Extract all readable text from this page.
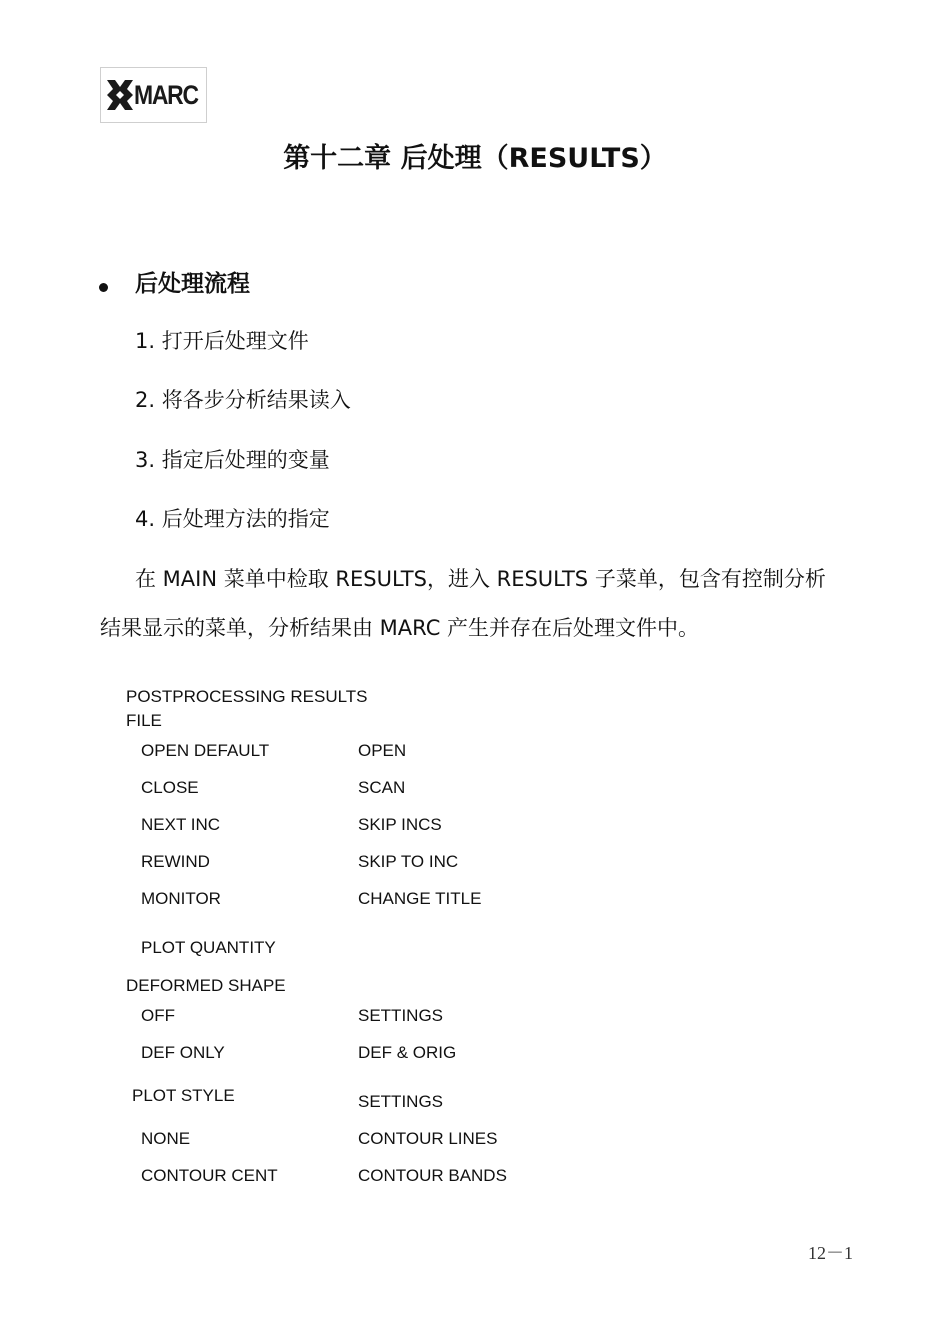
MARC
第十二章 后处理（RESULTS）
后处理流程
1. 打开后处理文件
2. 将各步分析结果读入
3. 指定后处理的变量
4. 后处理方法的指定
在 MAIN 菜单中检取 RESULTS，进入 RESULTS 子菜单，包含有控制分析
结果显示的菜单，分析结果由 MARC 产生并存在后处理文件中。
POSTPROCESSING RESULTS
FILE
OPEN DEFAULT
CLOSE
NEXT INC
REWIND
MONITOR
OPEN
SCAN
SKIP INCS
SKIP TO INC
CHANGE TITLE
PLOT QUANTITY
DEFORMED SHAPE
OFF
DEF ONLY
SETTINGS
DEF & ORIG
PLOT STYLE	SETTINGS
NONE
CONTOUR CENT
CONTOUR LINES
CONTOUR BANDS
12－1
